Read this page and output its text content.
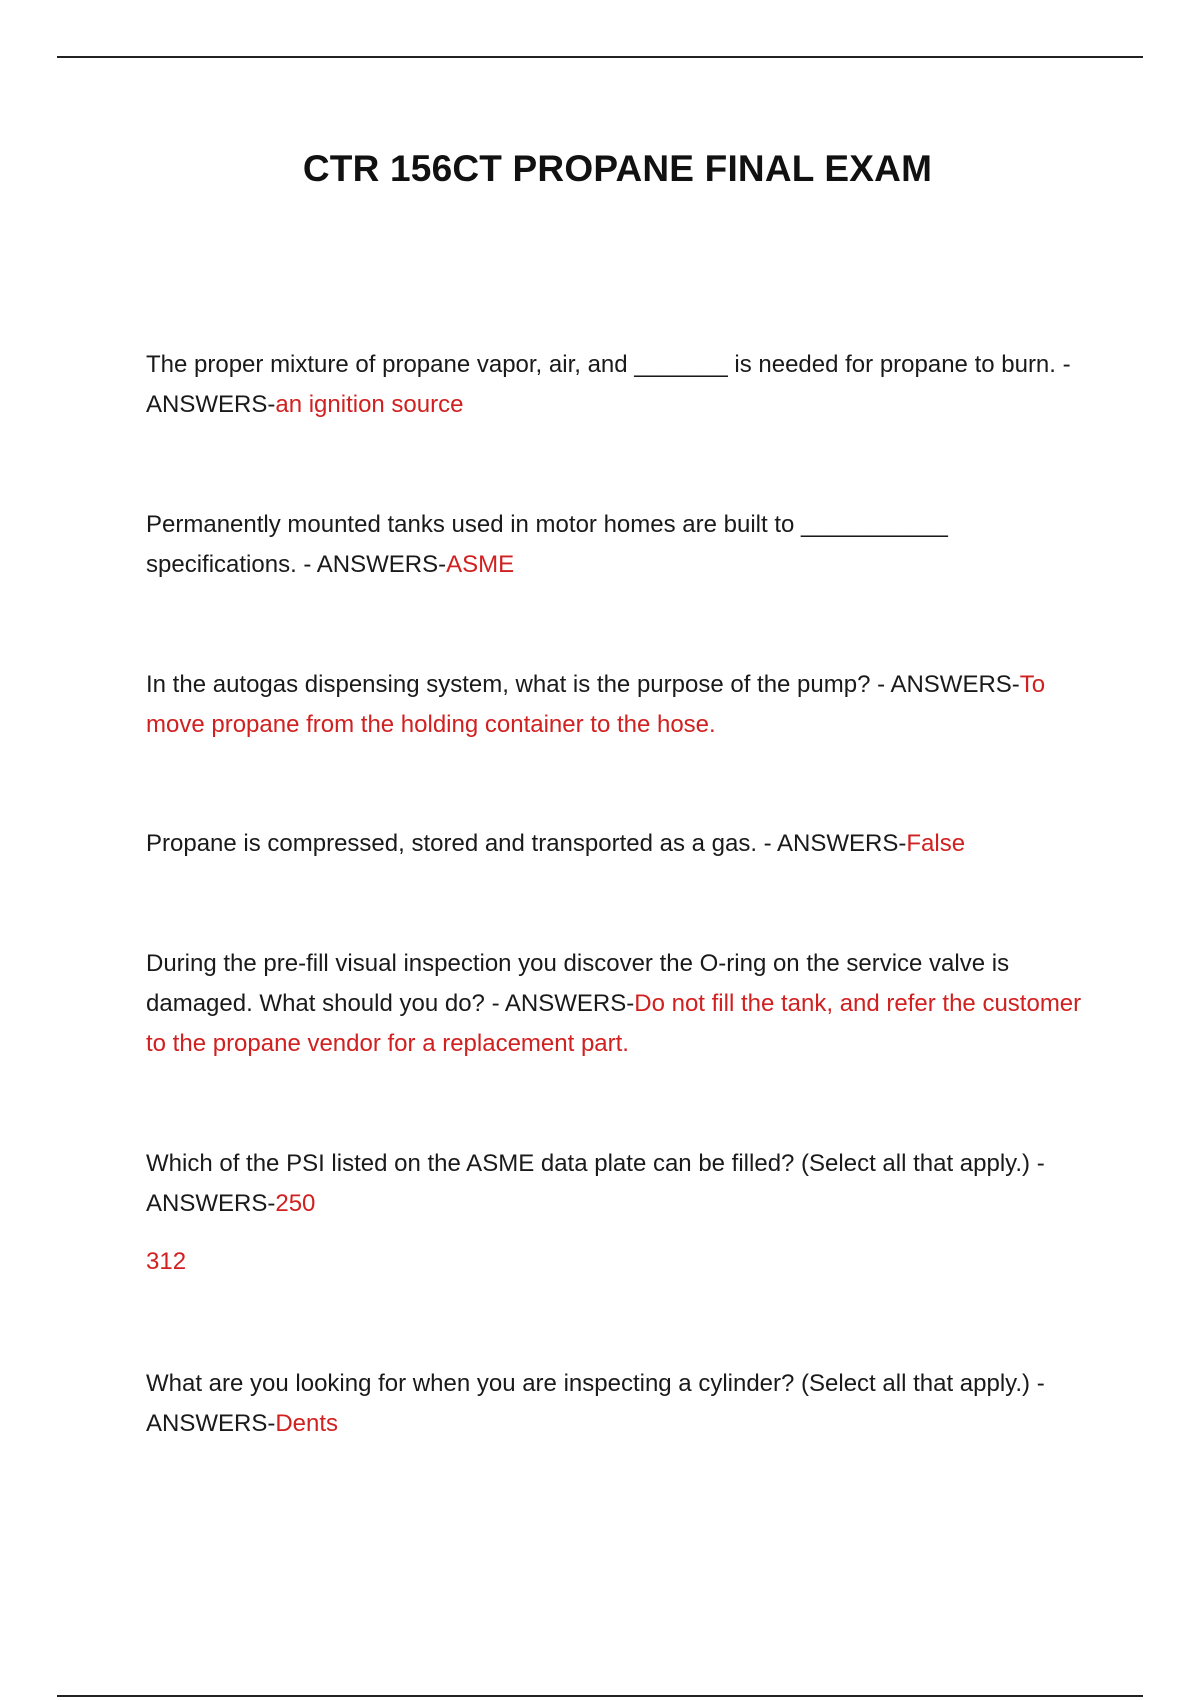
CTR 156CT PROPANE FINAL EXAM

The proper mixture of propane vapor, air, and _______ is needed for propane to burn. - ANSWERS-an ignition source

Permanently mounted tanks used in motor homes are built to ___________ specifications. - ANSWERS-ASME

In the autogas dispensing system, what is the purpose of the pump? - ANSWERS-To move propane from the holding container to the hose.

Propane is compressed, stored and transported as a gas. - ANSWERS-False

During the pre-fill visual inspection you discover the O-ring on the service valve is damaged. What should you do? - ANSWERS-Do not fill the tank, and refer the customer to the propane vendor for a replacement part.

Which of the PSI listed on the ASME data plate can be filled? (Select all that apply.) - ANSWERS-250

312

What are you looking for when you are inspecting a cylinder? (Select all that apply.) - ANSWERS-Dents
